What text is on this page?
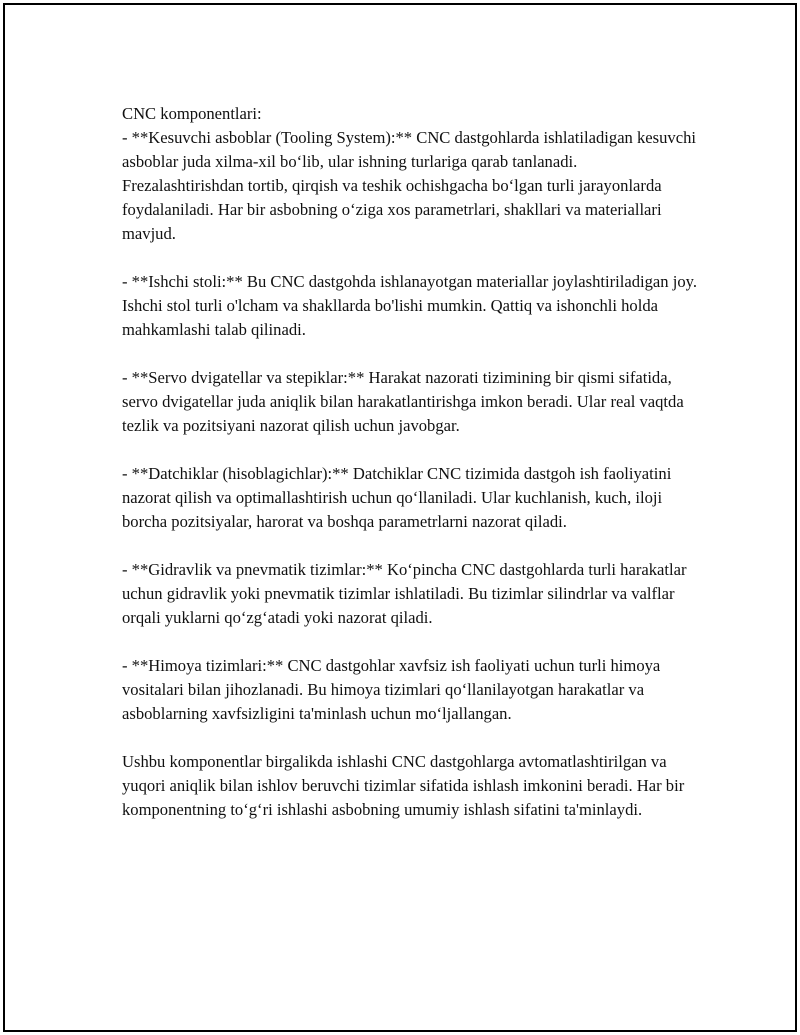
CNC komponentlari:

- **Kesuvchi asboblar (Tooling System):** CNC dastgohlarda ishlatiladigan kesuvchi asboblar juda xilma-xil bo‘lib, ular ishning turlariga qarab tanlanadi. Frezalashtirishdan tortib, qirqish va teshik ochishgacha bo‘lgan turli jarayonlarda foydalaniladi. Har bir asbobning o‘ziga xos parametrlari, shakllari va materiallari mavjud.

- **Ishchi stoli:** Bu CNC dastgohda ishlanayotgan materiallar joylashtiriladigan joy. Ishchi stol turli o'lcham va shakllarda bo'lishi mumkin. Qattiq va ishonchli holda mahkamlashi talab qilinadi.

- **Servo dvigatellar va stepiklar:** Harakat nazorati tizimining bir qismi sifatida, servo dvigatellar juda aniqlik bilan harakatlantirishga imkon beradi. Ular real vaqtda tezlik va pozitsiyani nazorat qilish uchun javobgar.

- **Datchiklar (hisoblagichlar):** Datchiklar CNC tizimida dastgoh ish faoliyatini nazorat qilish va optimallashtirish uchun qo‘llaniladi. Ular kuchlanish, kuch, iloji borcha pozitsiyalar, harorat va boshqa parametrlarni nazorat qiladi.

- **Gidravlik va pnevmatik tizimlar:** Ko‘pincha CNC dastgohlarda turli harakatlar uchun gidravlik yoki pnevmatik tizimlar ishlatiladi. Bu tizimlar silindrlar va valflar orqali yuklarni qo‘zg‘atadi yoki nazorat qiladi.

- **Himoya tizimlari:** CNC dastgohlar xavfsiz ish faoliyati uchun turli himoya vositalari bilan jihozlanadi. Bu himoya tizimlari qo‘llanilayotgan harakatlar va asboblarning xavfsizligini ta'minlash uchun mo‘ljallangan.

Ushbu komponentlar birgalikda ishlashi CNC dastgohlarga avtomatlashtirilgan va yuqori aniqlik bilan ishlov beruvchi tizimlar sifatida ishlash imkonini beradi. Har bir komponentning to‘g‘ri ishlashi asbobning umumiy ishlash sifatini ta'minlaydi.
